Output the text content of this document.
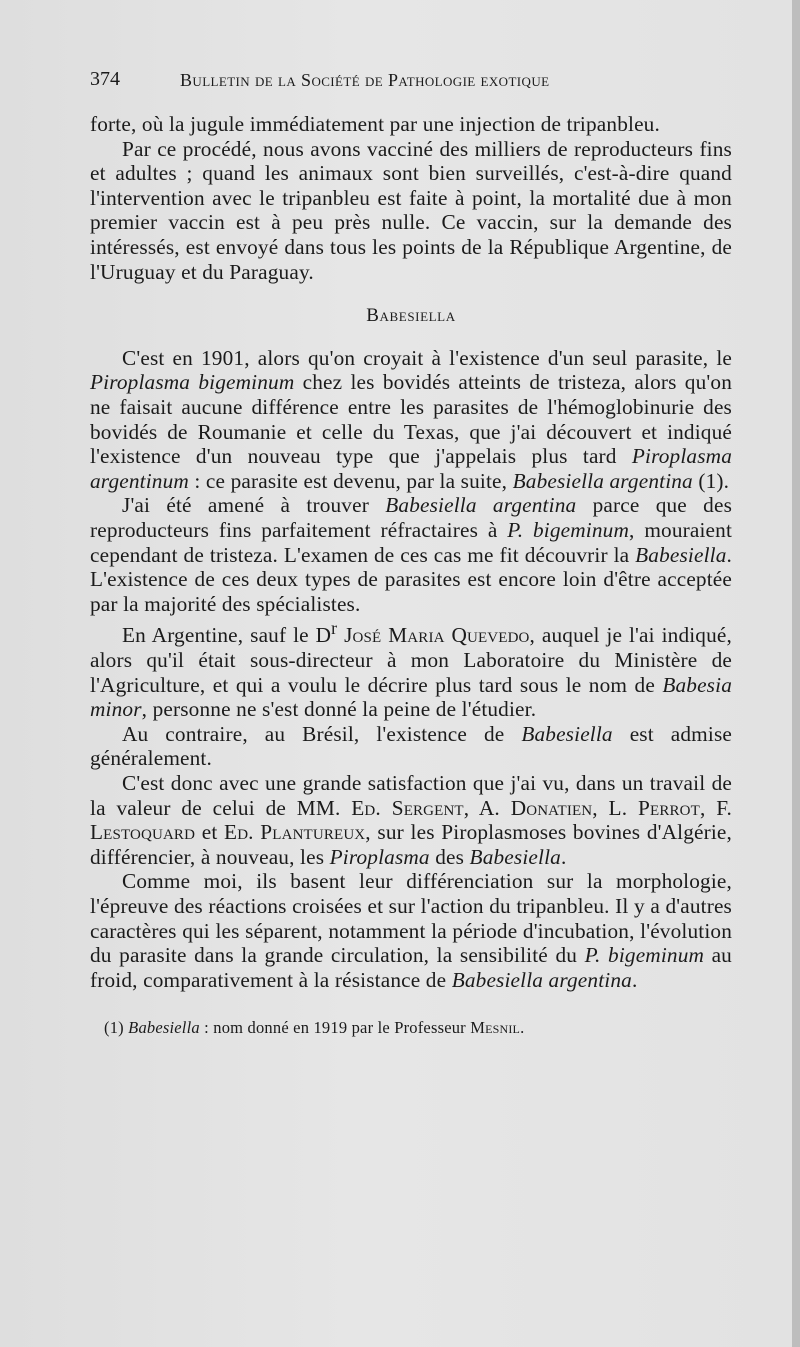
374	Bulletin de la Société de Pathologie exotique

forte, où la jugule immédiatement par une injection de tripanbleu.

Par ce procédé, nous avons vacciné des milliers de reproducteurs fins et adultes ; quand les animaux sont bien surveillés, c'est-à-dire quand l'intervention avec le tripanbleu est faite à point, la mortalité due à mon premier vaccin est à peu près nulle. Ce vaccin, sur la demande des intéressés, est envoyé dans tous les points de la République Argentine, de l'Uruguay et du Paraguay.

Babesiella

C'est en 1901, alors qu'on croyait à l'existence d'un seul parasite, le Piroplasma bigeminum chez les bovidés atteints de tristeza, alors qu'on ne faisait aucune différence entre les parasites de l'hémoglobinurie des bovidés de Roumanie et celle du Texas, que j'ai découvert et indiqué l'existence d'un nouveau type que j'appelais plus tard Piroplasma argentinum : ce parasite est devenu, par la suite, Babesiella argentina (1).

J'ai été amené à trouver Babesiella argentina parce que des reproducteurs fins parfaitement réfractaires à P. bigeminum, mouraient cependant de tristeza. L'examen de ces cas me fit découvrir la Babesiella. L'existence de ces deux types de parasites est encore loin d'être acceptée par la majorité des spécialistes.

En Argentine, sauf le $D^r$ José Maria Quevedo, auquel je l'ai indiqué, alors qu'il était sous-directeur à mon Laboratoire du Ministère de l'Agriculture, et qui a voulu le décrire plus tard sous le nom de Babesia minor, personne ne s'est donné la peine de l'étudier.

Au contraire, au Brésil, l'existence de Babesiella est admise généralement.

C'est donc avec une grande satisfaction que j'ai vu, dans un travail de la valeur de celui de MM. Ed. Sergent, A. Donatien, L. Perrot, F. Lestoquard et Ed. Plantureux, sur les Piroplasmoses bovines d'Algérie, différencier, à nouveau, les Piroplasma des Babesiella.

Comme moi, ils basent leur différenciation sur la morphologie, l'épreuve des réactions croisées et sur l'action du tripanbleu. Il y a d'autres caractères qui les séparent, notamment la période d'incubation, l'évolution du parasite dans la grande circulation, la sensibilité du P. bigeminum au froid, comparativement à la résistance de Babesiella argentina.

(1) Babesiella : nom donné en 1919 par le Professeur Mesnil.
